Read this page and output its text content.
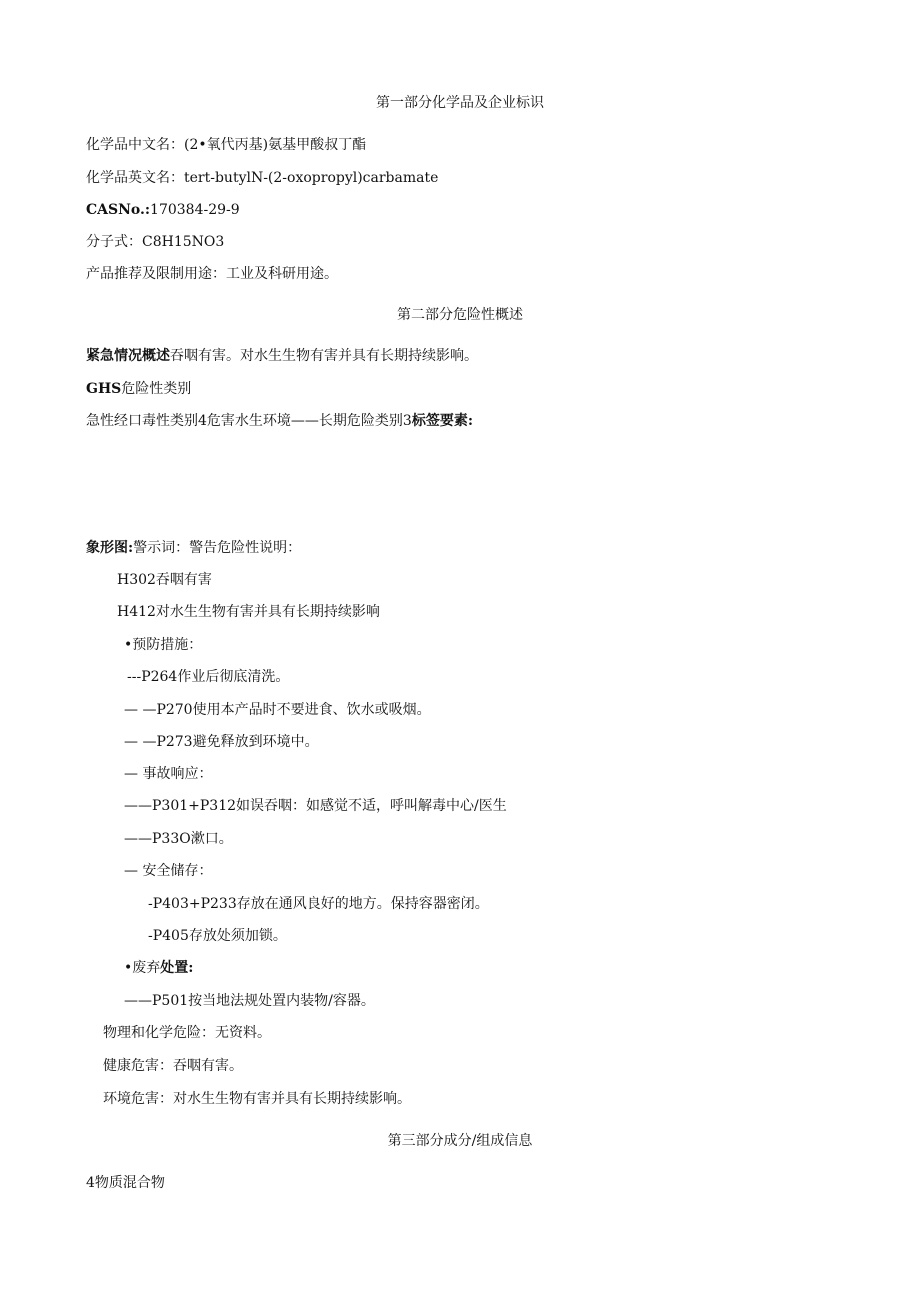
第一部分化学品及企业标识
化学品中文名：(2•氧代丙基)氨基甲酸叔丁酯
化学品英文名：tert-butylN-(2-oxopropyl)carbamate
CASNo.:170384-29-9
分子式：C8H15NO3
产品推荐及限制用途：工业及科研用途。
第二部分危险性概述
紧急情况概述吞咽有害。对水生生物有害并具有长期持续影响。
GHS危险性类别
急性经口毒性类别4危害水生环境——长期危险类别3标签要素:
象形图:警示词：警告危险性说明：
H302吞咽有害
H412对水生生物有害并具有长期持续影响
•预防措施：
---P264作业后彻底清洗。
— —P270使用本产品时不要进食、饮水或吸烟。
— —P273避免释放到环境中。
— 事故响应：
——P301+P312如误吞咽：如感觉不适，呼叫解毒中心/医生
——P33O漱口。
— 安全储存：
-P403+P233存放在通风良好的地方。保持容器密闭。
-P405存放处须加锁。
•废弃处置:
——P501按当地法规处置内装物/容器。
物理和化学危险：无资料。
健康危害：吞咽有害。
环境危害：对水生生物有害并具有长期持续影响。
第三部分成分/组成信息
4物质混合物
